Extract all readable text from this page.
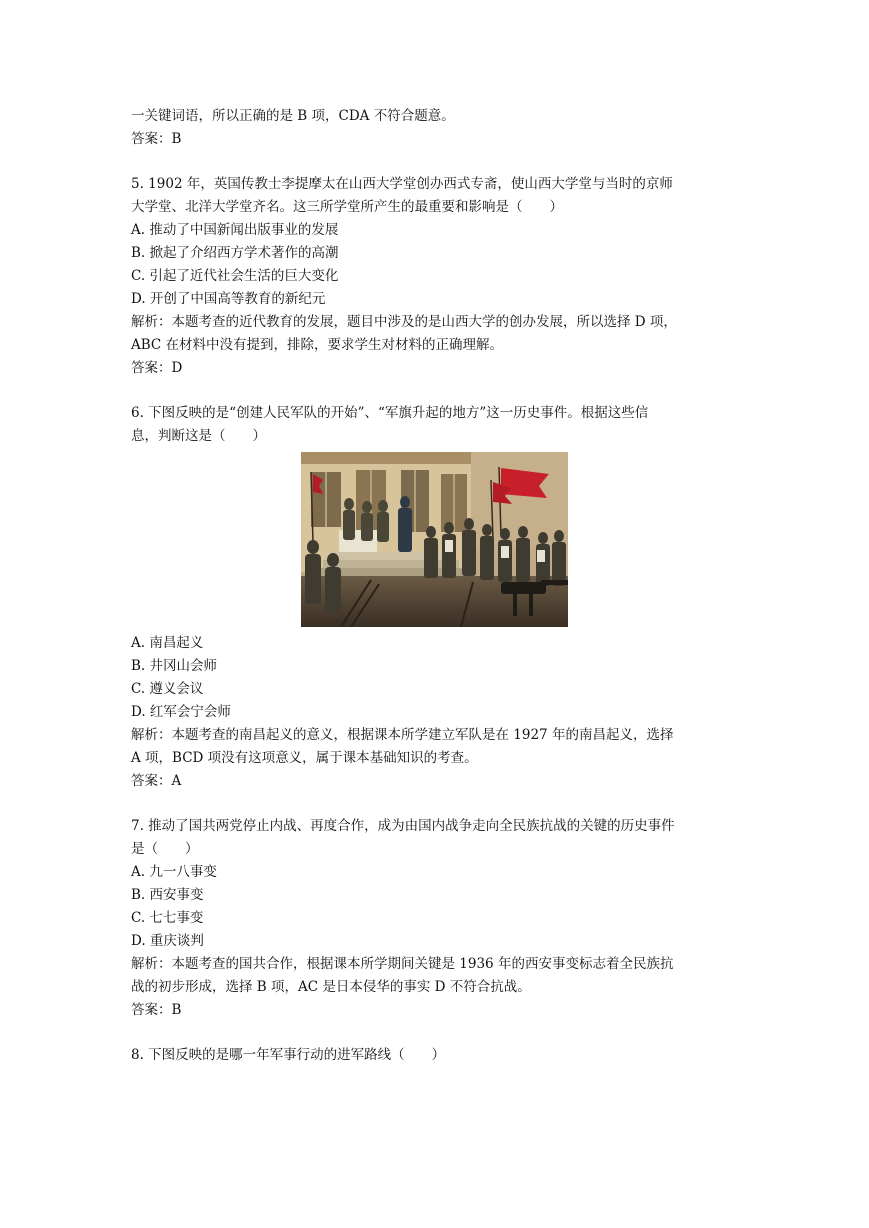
一关键词语，所以正确的是 B 项，CDA 不符合题意。
答案：B
5. 1902 年，英国传教士李提摩太在山西大学堂创办西式专斋，使山西大学堂与当时的京师
大学堂、北洋大学堂齐名。这三所学堂所产生的最重要和影响是（　　）
A. 推动了中国新闻出版事业的发展
B. 掀起了介绍西方学术著作的高潮
C. 引起了近代社会生活的巨大变化
D. 开创了中国高等教育的新纪元
解析：本题考查的近代教育的发展，题目中涉及的是山西大学的创办发展，所以选择 D 项，
ABC 在材料中没有提到，排除，要求学生对材料的正确理解。
答案：D
6. 下图反映的是“创建人民军队的开始”、“军旗升起的地方”这一历史事件。根据这些信
息，判断这是（　　）
A. 南昌起义
B. 井冈山会师
C. 遵义会议
D. 红军会宁会师
解析：本题考查的南昌起义的意义，根据课本所学建立军队是在 1927 年的南昌起义，选择
A 项，BCD 项没有这项意义，属于课本基础知识的考查。
答案：A
7. 推动了国共两党停止内战、再度合作，成为由国内战争走向全民族抗战的关键的历史事件
是（　　）
A. 九一八事变
B. 西安事变
C. 七七事变
D. 重庆谈判
解析：本题考查的国共合作，根据课本所学期间关键是 1936 年的西安事变标志着全民族抗
战的初步形成，选择 B 项，AC 是日本侵华的事实 D 不符合抗战。
答案：B
8. 下图反映的是哪一年军事行动的进军路线（　　）
